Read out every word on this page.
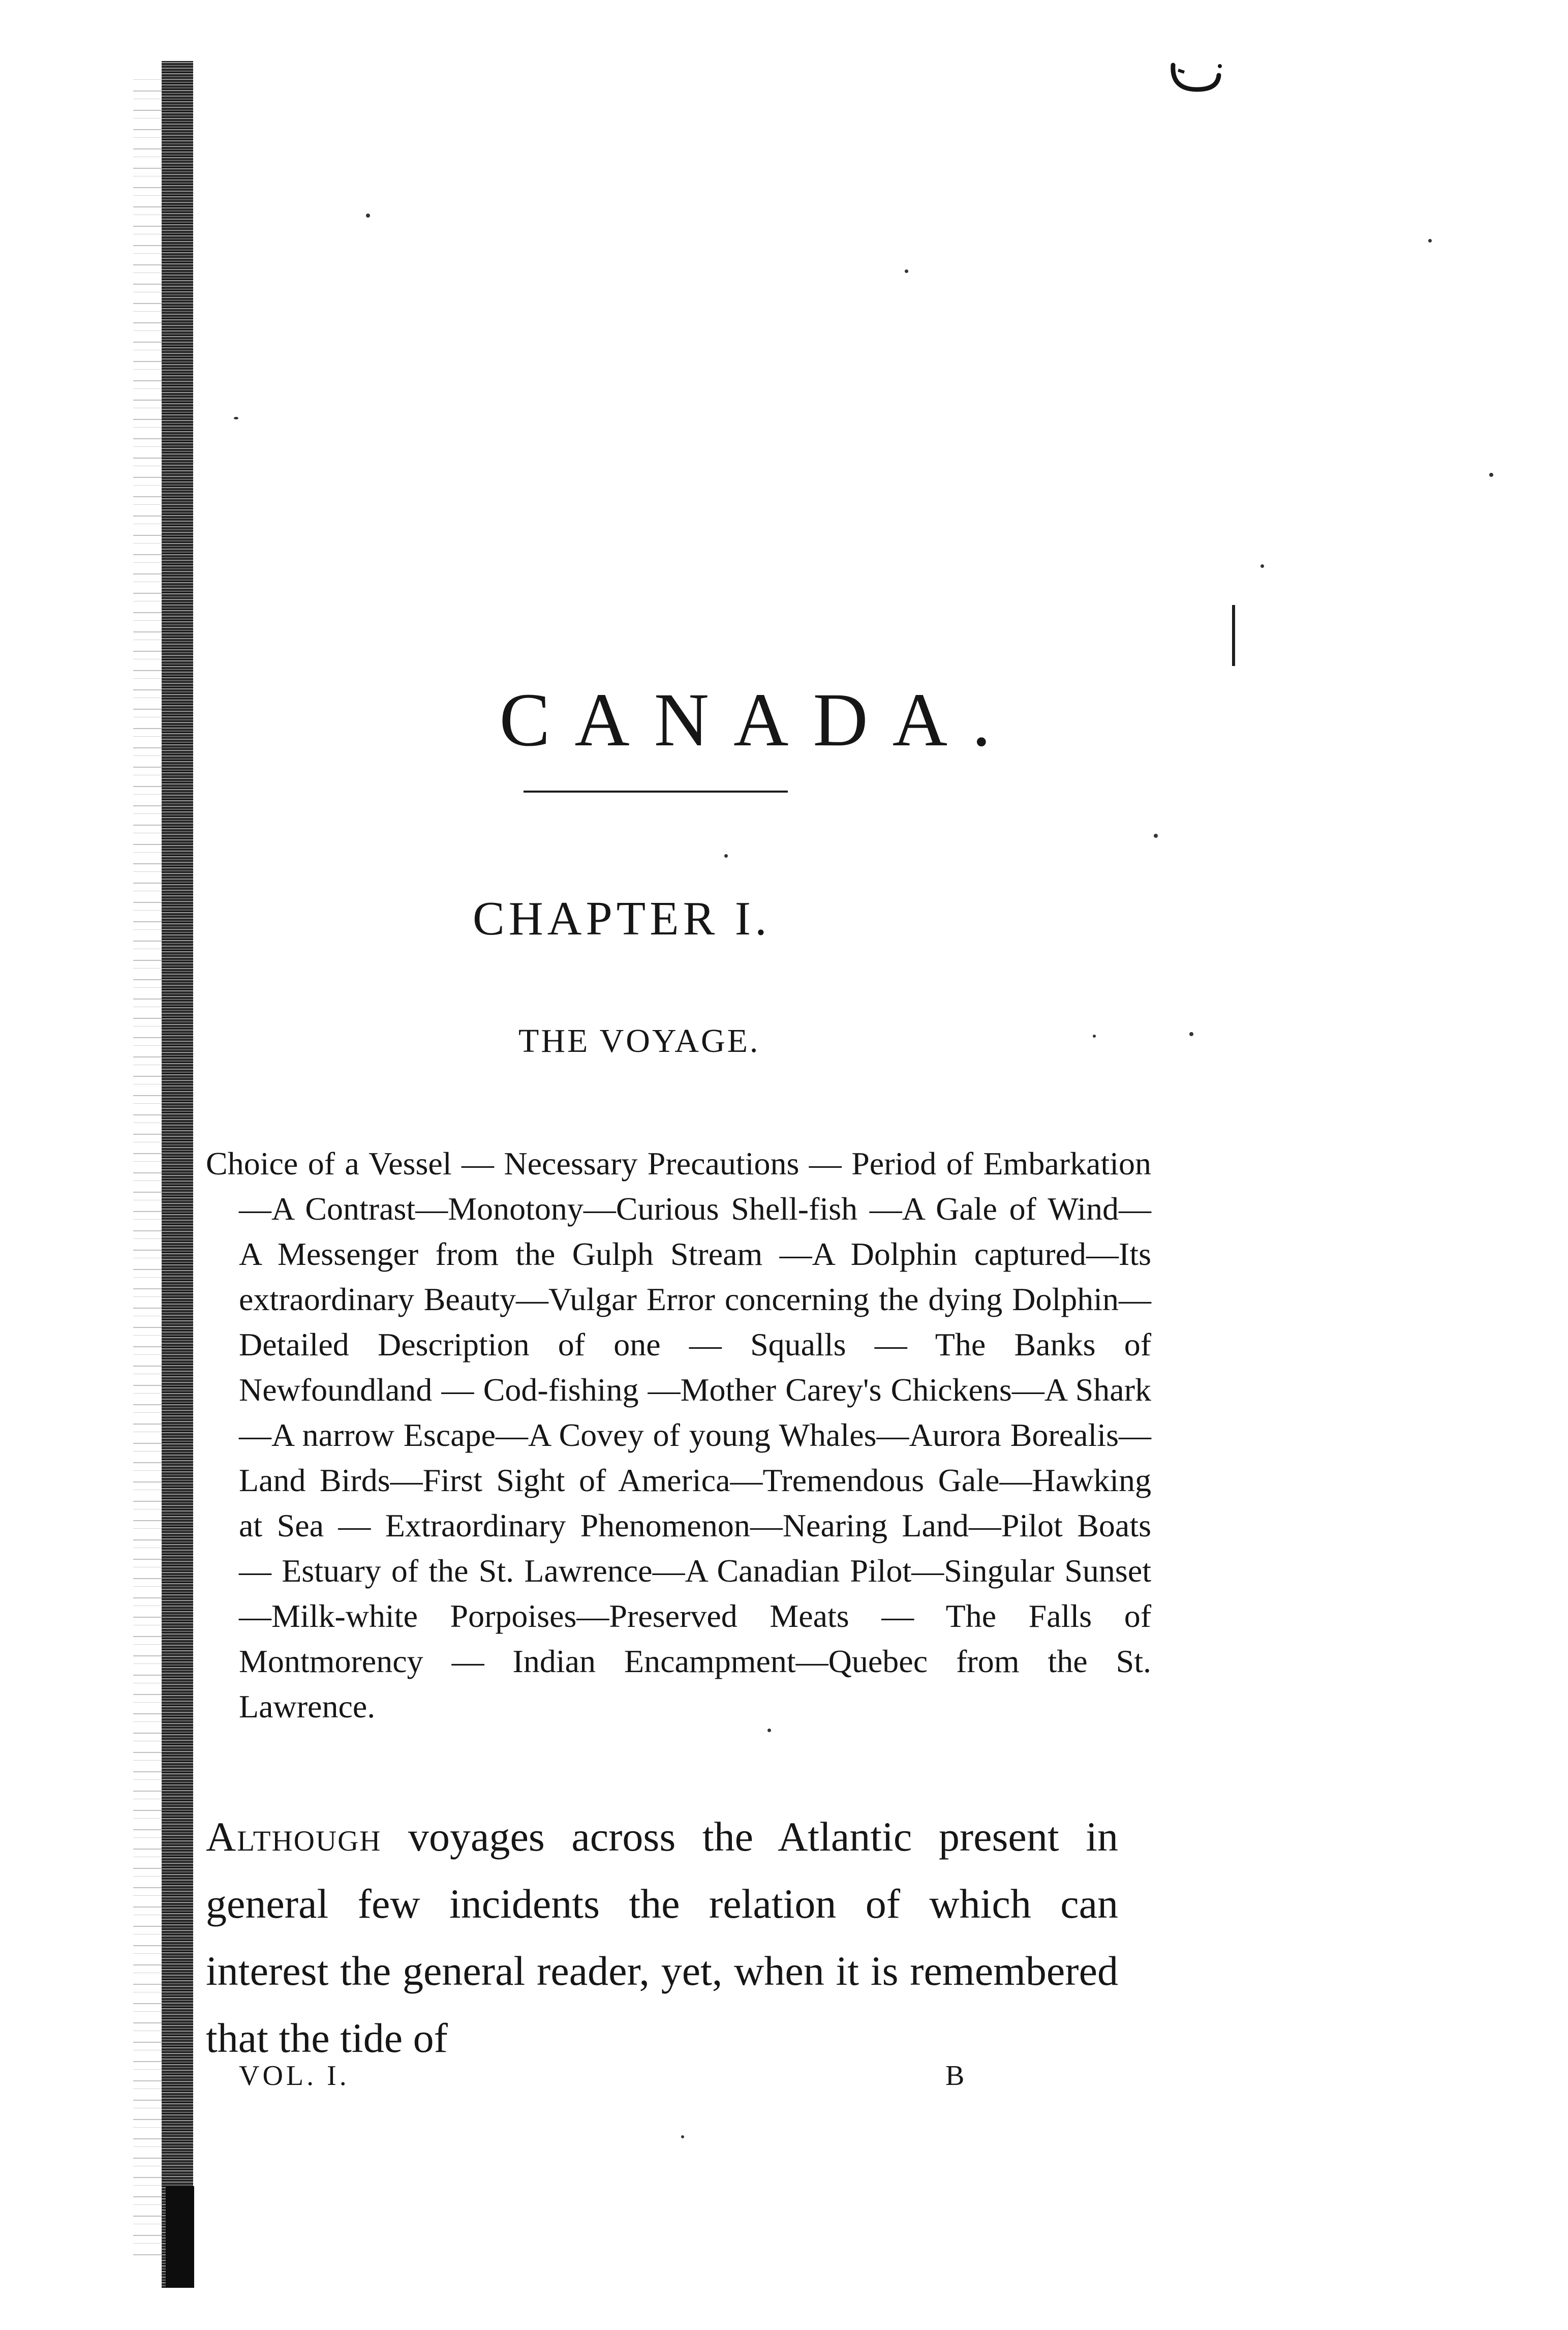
CANADA.
CHAPTER I.
THE VOYAGE.

Choice of a Vessel — Necessary Precautions — Period of Embarkation—A Contrast—Monotony—Curious Shell-fish —A Gale of Wind—A Messenger from the Gulph Stream —A Dolphin captured—Its extraordinary Beauty—Vulgar Error concerning the dying Dolphin—Detailed Description of one — Squalls — The Banks of Newfoundland — Cod-fishing —Mother Carey's Chickens—A Shark—A narrow Escape—A Covey of young Whales—Aurora Borealis—Land Birds—First Sight of America—Tremendous Gale—Hawking at Sea — Extraordinary Phenomenon—Nearing Land—Pilot Boats — Estuary of the St. Lawrence—A Canadian Pilot—Singular Sunset—Milk-white Porpoises—Preserved Meats — The Falls of Montmorency — Indian Encampment—Quebec from the St. Lawrence.

Although voyages across the Atlantic present in general few incidents the relation of which can interest the general reader, yet, when it is remembered that the tide of

VOL. I.	B
